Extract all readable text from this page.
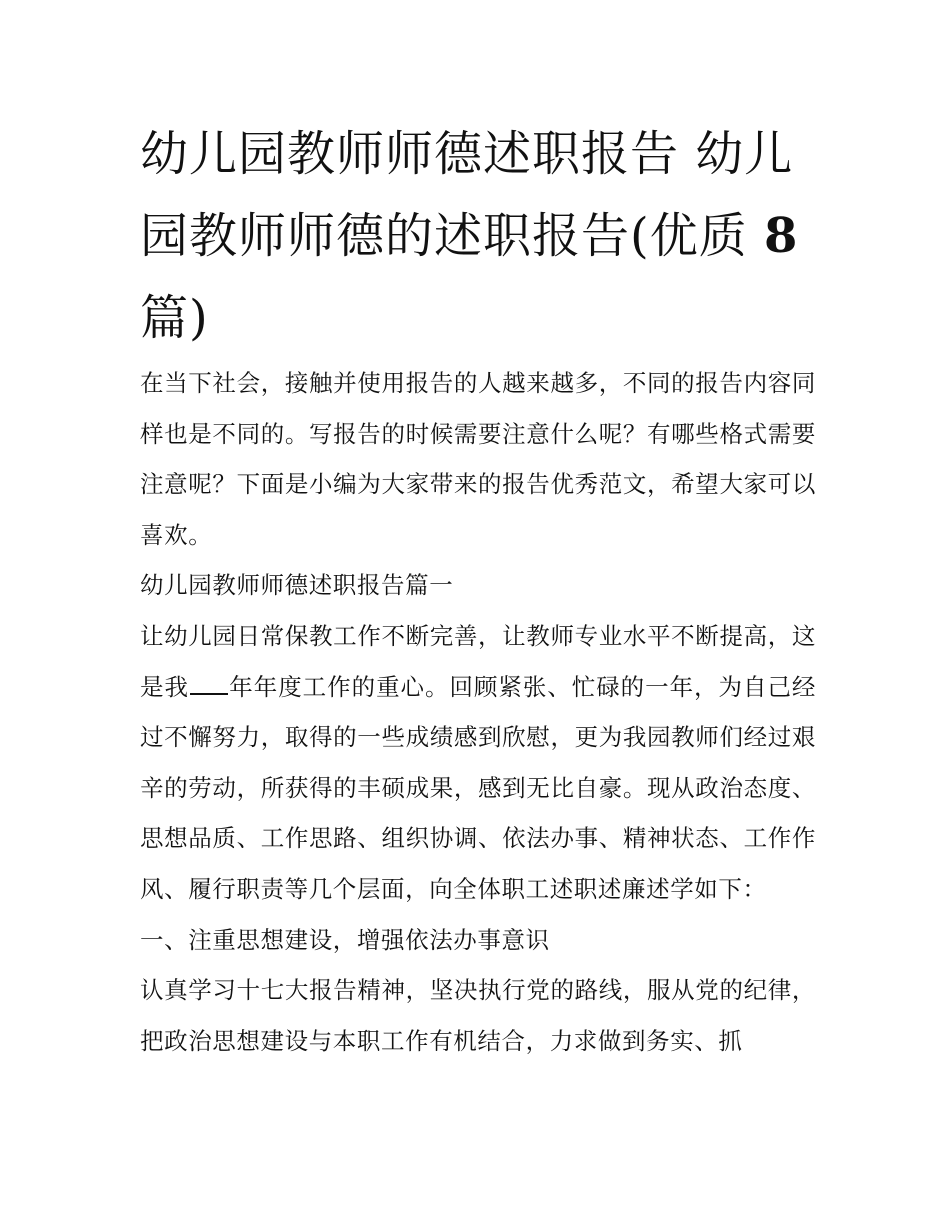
幼儿园教师师德述职报告 幼儿园教师师德的述职报告(优质 8 篇)

在当下社会，接触并使用报告的人越来越多，不同的报告内容同样也是不同的。写报告的时候需要注意什么呢？有哪些格式需要注意呢？下面是小编为大家带来的报告优秀范文，希望大家可以喜欢。

幼儿园教师师德述职报告篇一

让幼儿园日常保教工作不断完善，让教师专业水平不断提高，这是我 年年度工作的重心。回顾紧张、忙碌的一年，为自己经过不懈努力，取得的一些成绩感到欣慰，更为我园教师们经过艰辛的劳动，所获得的丰硕成果，感到无比自豪。现从政治态度、思想品质、工作思路、组织协调、依法办事、精神状态、工作作风、履行职责等几个层面，向全体职工述职述廉述学如下：

一、注重思想建设，增强依法办事意识

认真学习十七大报告精神，坚决执行党的路线，服从党的纪律，把政治思想建设与本职工作有机结合，力求做到务实、抓
